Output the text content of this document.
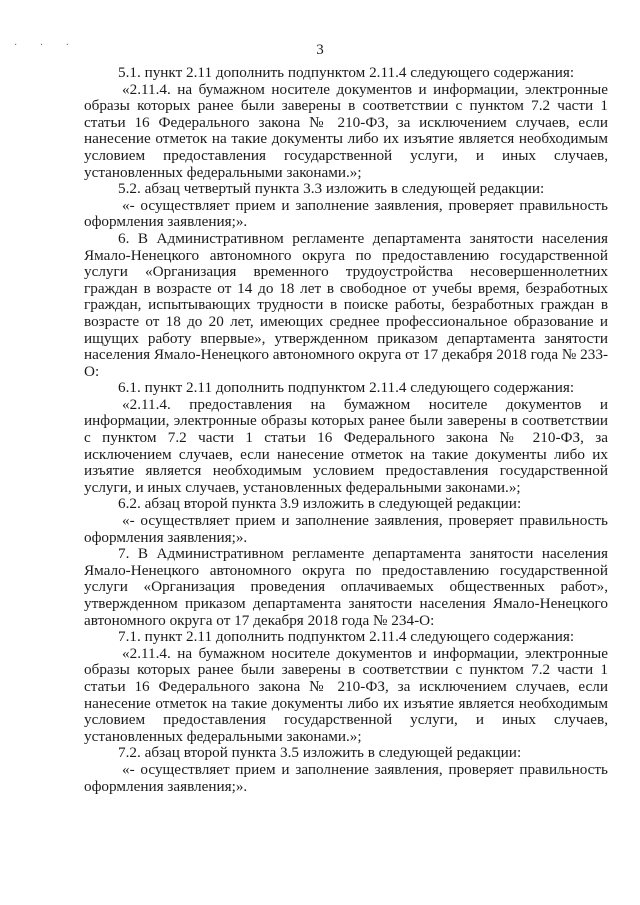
· · ·	3

5.1. пункт 2.11 дополнить подпунктом 2.11.4 следующего содержания:

«2.11.4. на бумажном носителе документов и информации, электронные образы которых ранее были заверены в соответствии с пунктом 7.2 части 1 статьи 16 Федерального закона № 210-ФЗ, за исключением случаев, если нанесение отметок на такие документы либо их изъятие является необходимым условием предоставления государственной услуги, и иных случаев, установленных федеральными законами.»;

5.2. абзац четвертый пункта 3.3 изложить в следующей редакции:

«- осуществляет прием и заполнение заявления, проверяет правильность оформления заявления;».

6. В Административном регламенте департамента занятости населения Ямало-Ненецкого автономного округа по предоставлению государственной услуги «Организация временного трудоустройства несовершеннолетних граждан в возрасте от 14 до 18 лет в свободное от учебы время, безработных граждан, испытывающих трудности в поиске работы, безработных граждан в возрасте от 18 до 20 лет, имеющих среднее профессиональное образование и ищущих работу впервые», утвержденном приказом департамента занятости населения Ямало-Ненецкого автономного округа от 17 декабря 2018 года № 233-О:

6.1. пункт 2.11 дополнить подпунктом 2.11.4 следующего содержания:

«2.11.4. предоставления на бумажном носителе документов и информации, электронные образы которых ранее были заверены в соответствии с пунктом 7.2 части 1 статьи 16 Федерального закона № 210-ФЗ, за исключением случаев, если нанесение отметок на такие документы либо их изъятие является необходимым условием предоставления государственной услуги, и иных случаев, установленных федеральными законами.»;

6.2. абзац второй пункта 3.9 изложить в следующей редакции:

«- осуществляет прием и заполнение заявления, проверяет правильность оформления заявления;».

7. В Административном регламенте департамента занятости населения Ямало-Ненецкого автономного округа по предоставлению государственной услуги «Организация проведения оплачиваемых общественных работ», утвержденном приказом департамента занятости населения Ямало-Ненецкого автономного округа от 17 декабря 2018 года № 234-О:

7.1. пункт 2.11 дополнить подпунктом 2.11.4 следующего содержания:

«2.11.4. на бумажном носителе документов и информации, электронные образы которых ранее были заверены в соответствии с пунктом 7.2 части 1 статьи 16 Федерального закона № 210-ФЗ, за исключением случаев, если нанесение отметок на такие документы либо их изъятие является необходимым условием предоставления государственной услуги, и иных случаев, установленных федеральными законами.»;

7.2. абзац второй пункта 3.5 изложить в следующей редакции:

«- осуществляет прием и заполнение заявления, проверяет правильность оформления заявления;».
